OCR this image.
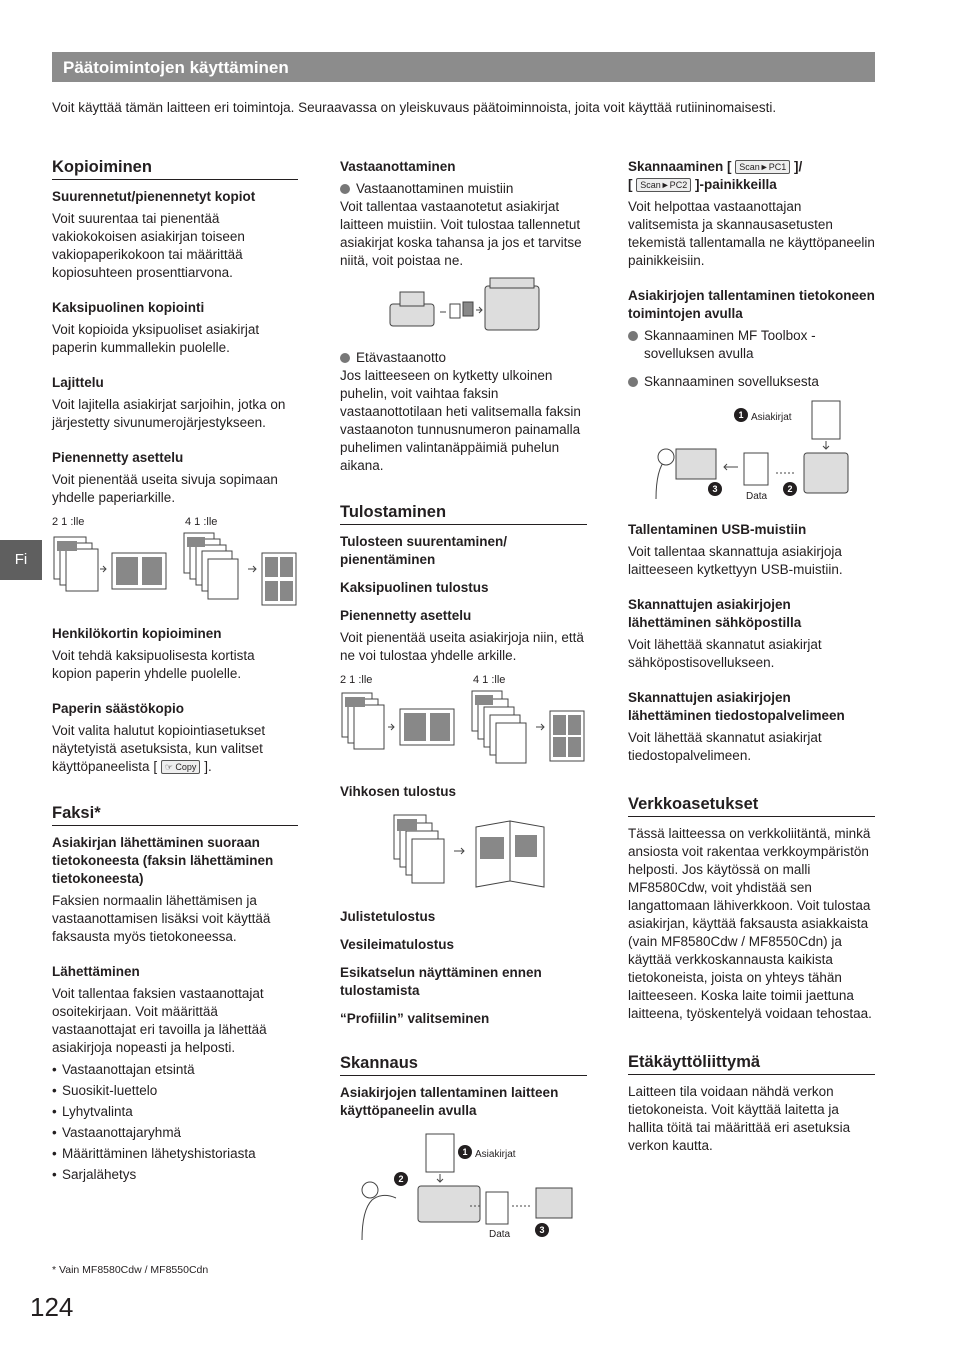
Päätoimintojen käyttäminen

Voit käyttää tämän laitteen eri toimintoja. Seuraavassa on yleiskuvaus päätoiminnoista, joita voit käyttää rutiininomaisesti.

Fi
Kopioiminen
Suurennetut/pienennetyt kopiot

Voit suurentaa tai pienentää vakiokokoisen asiakirjan toiseen vakiopaperikokoon tai määrittää kopiosuhteen prosenttiarvona.

Kaksipuolinen kopiointi

Voit kopioida yksipuoliset asiakirjat paperin kummallekin puolelle.

Lajittelu

Voit lajitella asiakirjat sarjoihin, jotka on järjestetty sivunumerojärjestykseen.

Pienennetty asettelu

Voit pienentää useita sivuja sopimaan yhdelle paperiarkille.

2 1 :lle	4 1 :lle
Henkilökortin kopioiminen

Voit tehdä kaksipuolisesta kortista kopion paperin yhdelle puolelle.

Paperin säästökopio

Voit valita halutut kopiointiasetukset näytetyistä asetuksista, kun valitset käyttöpaneelista [ ☞ Copy ].

Faksi*
Asiakirjan lähettäminen suoraan tietokoneesta (faksin lähettäminen tietokoneesta)

Faksien normaalin lähettämisen ja vastaanottamisen lisäksi voit käyttää faksausta myös tietokoneessa.

Lähettäminen

Voit tallentaa faksien vastaanottajat osoitekirjaan. Voit määrittää vastaanottajat eri tavoilla ja lähettää asiakirjoja nopeasti ja helposti.

• Vastaanottajan etsintä
• Suosikit-luettelo
• Lyhytvalinta
• Vastaanottajaryhmä
• Määrittäminen lähetyshistoriasta
• Sarjalähetys
Vastaanottaminen

Vastaanottaminen muistiin

Voit tallentaa vastaanotetut asiakirjat laitteen muistiin. Voit tulostaa tallennetut asiakirjat koska tahansa ja jos et tarvitse niitä, voit poistaa ne.

Etävastaanotto

Jos laitteeseen on kytketty ulkoinen puhelin, voit vaihtaa faksin vastaanottotilaan heti valitsemalla faksin vastaanoton tunnusnumeron painamalla puhelimen valintanäppäimiä puhelun aikana.

Tulostaminen
Tulosteen suurentaminen/ pienentäminen
Kaksipuolinen tulostus
Pienennetty asettelu

Voit pienentää useita asiakirjoja niin, että ne voi tulostaa yhdelle arkille.

2 1 :lle	4 1 :lle
Vihkosen tulostus
Julistetulostus
Vesileimatulostus
Esikatselun näyttäminen ennen tulostamista
“Profiilin” valitseminen
Skannaus
Asiakirjojen tallentaminen laitteen käyttöpaneelin avulla
2
1
3
Asiakirjat
Data
Skannaaminen [ Scan►PC1 ]/
[ Scan►PC2 ]-painikkeilla

Voit helpottaa vastaanottajan valitsemista ja skannausasetusten tekemistä tallentamalla ne käyttöpaneelin painikkeisiin.

Asiakirjojen tallentaminen tietokoneen toimintojen avulla

Skannaaminen MF Toolbox -sovelluksen avulla

Skannaaminen sovelluksesta

1
2
3
Asiakirjat
Data
Tallentaminen USB-muistiin

Voit tallentaa skannattuja asiakirjoja laitteeseen kytkettyyn USB-muistiin.

Skannattujen asiakirjojen lähettäminen sähköpostilla

Voit lähettää skannatut asiakirjat sähköpostisovellukseen.

Skannattujen asiakirjojen lähettäminen tiedostopalvelimeen

Voit lähettää skannatut asiakirjat tiedostopalvelimeen.

Verkkoasetukset

Tässä laitteessa on verkkoliitäntä, minkä ansiosta voit rakentaa verkkoympäristön helposti. Jos käytössä on malli MF8580Cdw, voit yhdistää sen langattomaan lähiverkkoon. Voit tulostaa asiakirjan, käyttää faksausta asiakkaista (vain MF8580Cdw / MF8550Cdn) ja käyttää verkkoskannausta kaikista tietokoneista, joista on yhteys tähän laitteeseen. Koska laite toimii jaettuna laitteena, työskentelyä voidaan tehostaa.

Etäkäyttöliittymä

Laitteen tila voidaan nähdä verkon tietokoneista. Voit käyttää laitetta ja hallita töitä tai määrittää eri asetuksia verkon kautta.

* Vain MF8580Cdw / MF8550Cdn
124
